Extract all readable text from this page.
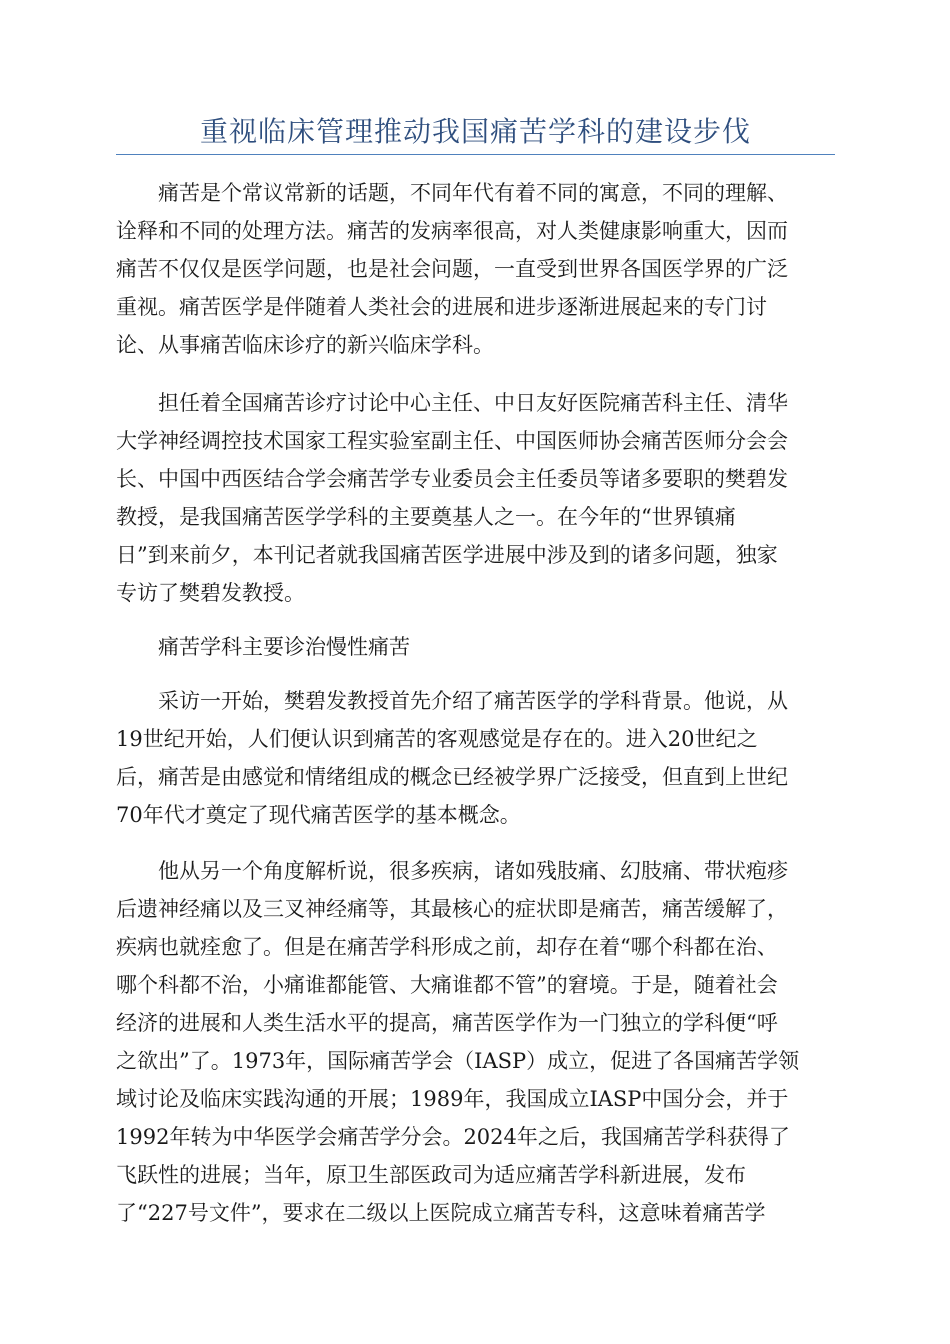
重视临床管理推动我国痛苦学科的建设步伐
痛苦是个常议常新的话题，不同年代有着不同的寓意，不同的理解、
诠释和不同的处理方法。痛苦的发病率很高，对人类健康影响重大，因而
痛苦不仅仅是医学问题，也是社会问题，一直受到世界各国医学界的广泛
重视。痛苦医学是伴随着人类社会的进展和进步逐渐进展起来的专门讨
论、从事痛苦临床诊疗的新兴临床学科。
担任着全国痛苦诊疗讨论中心主任、中日友好医院痛苦科主任、清华
大学神经调控技术国家工程实验室副主任、中国医师协会痛苦医师分会会
长、中国中西医结合学会痛苦学专业委员会主任委员等诸多要职的樊碧发
教授，是我国痛苦医学学科的主要奠基人之一。在今年的“世界镇痛
日”到来前夕，本刊记者就我国痛苦医学进展中涉及到的诸多问题，独家
专访了樊碧发教授。
痛苦学科主要诊治慢性痛苦
采访一开始，樊碧发教授首先介绍了痛苦医学的学科背景。他说，从
19世纪开始，人们便认识到痛苦的客观感觉是存在的。进入20世纪之
后，痛苦是由感觉和情绪组成的概念已经被学界广泛接受，但直到上世纪
70年代才奠定了现代痛苦医学的基本概念。
他从另一个角度解析说，很多疾病，诸如残肢痛、幻肢痛、带状疱疹
后遗神经痛以及三叉神经痛等，其最核心的症状即是痛苦，痛苦缓解了，
疾病也就痊愈了。但是在痛苦学科形成之前，却存在着“哪个科都在治、
哪个科都不治，小痛谁都能管、大痛谁都不管”的窘境。于是，随着社会
经济的进展和人类生活水平的提高，痛苦医学作为一门独立的学科便“呼
之欲出”了。1973年，国际痛苦学会（IASP）成立，促进了各国痛苦学领
域讨论及临床实践沟通的开展；1989年，我国成立IASP中国分会，并于
1992年转为中华医学会痛苦学分会。2024年之后，我国痛苦学科获得了
飞跃性的进展；当年，原卫生部医政司为适应痛苦学科新进展，发布
了“227号文件”，要求在二级以上医院成立痛苦专科，这意味着痛苦学
